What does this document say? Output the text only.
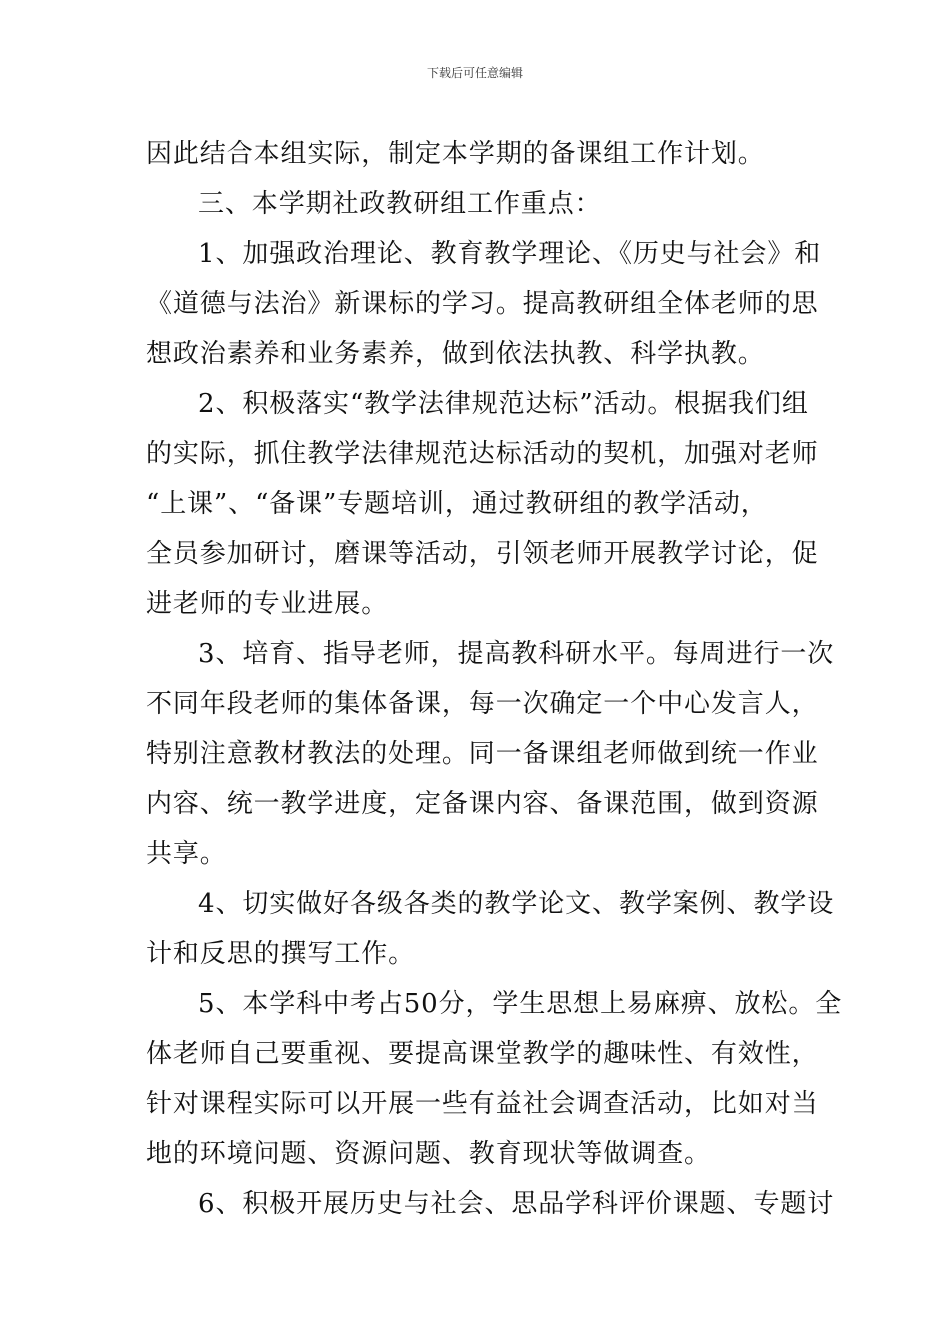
下载后可任意编辑
因此结合本组实际，制定本学期的备课组工作计划。
三、本学期社政教研组工作重点：
1、加强政治理论、教育教学理论、《历史与社会》和
《道德与法治》新课标的学习。提高教研组全体老师的思
想政治素养和业务素养，做到依法执教、科学执教。
2、积极落实“教学法律规范达标”活动。根据我们组
的实际，抓住教学法律规范达标活动的契机，加强对老师
“上课”、“备课”专题培训，通过教研组的教学活动，
全员参加研讨，磨课等活动，引领老师开展教学讨论，促
进老师的专业进展。
3、培育、指导老师，提高教科研水平。每周进行一次
不同年段老师的集体备课，每一次确定一个中心发言人，
特别注意教材教法的处理。同一备课组老师做到统一作业
内容、统一教学进度，定备课内容、备课范围，做到资源
共享。
4、切实做好各级各类的教学论文、教学案例、教学设
计和反思的撰写工作。
5、本学科中考占50分，学生思想上易麻痹、放松。全
体老师自己要重视、要提高课堂教学的趣味性、有效性，
针对课程实际可以开展一些有益社会调查活动，比如对当
地的环境问题、资源问题、教育现状等做调查。
6、积极开展历史与社会、思品学科评价课题、专题讨
